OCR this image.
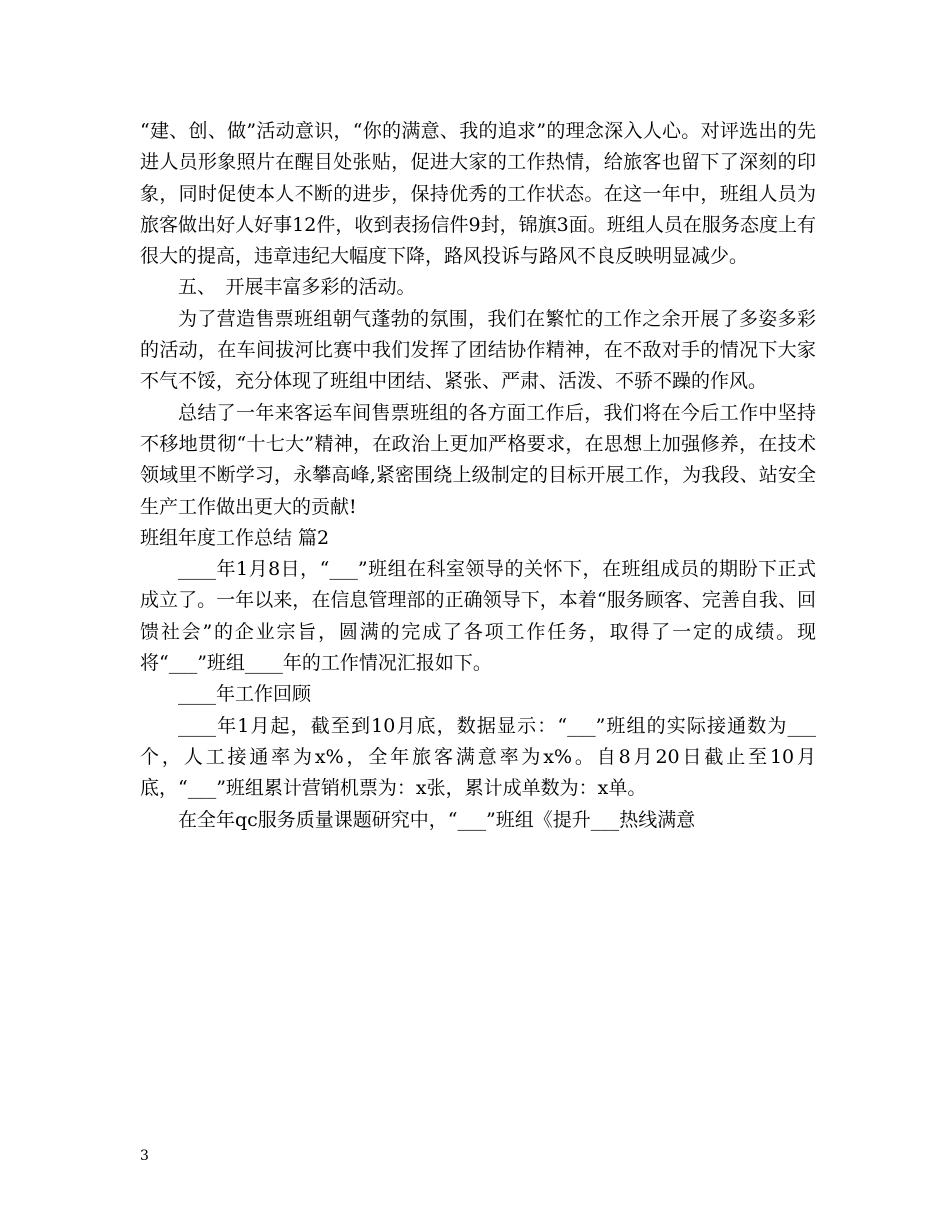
“建、创、做”活动意识，“你的满意、我的追求”的理念深入人心。对评选出的先进人员形象照片在醒目处张贴，促进大家的工作热情，给旅客也留下了深刻的印象，同时促使本人不断的进步，保持优秀的工作状态。在这一年中，班组人员为旅客做出好人好事12件，收到表扬信件9封，锦旗3面。班组人员在服务态度上有很大的提高，违章违纪大幅度下降，路风投诉与路风不良反映明显减少。

五、　开展丰富多彩的活动。

为了营造售票班组朝气蓬勃的氛围，我们在繁忙的工作之余开展了多姿多彩的活动，在车间拔河比赛中我们发挥了团结协作精神，在不敌对手的情况下大家不气不馁，充分体现了班组中团结、紧张、严肃、活泼、不骄不躁的作风。

总结了一年来客运车间售票班组的各方面工作后，我们将在今后工作中坚持不移地贯彻“十七大”精神，在政治上更加严格要求，在思想上加强修养，在技术领域里不断学习，永攀高峰,紧密围绕上级制定的目标开展工作，为我段、站安全生产工作做出更大的贡献!

班组年度工作总结 篇2

____年1月8日，“___”班组在科室领导的关怀下，在班组成员的期盼下正式成立了。一年以来，在信息管理部的正确领导下，本着“服务顾客、完善自我、回馈社会”的企业宗旨，圆满的完成了各项工作任务，取得了一定的成绩。现将“___”班组____年的工作情况汇报如下。

____年工作回顾

____年1月起，截至到10月底，数据显示：“___”班组的实际接通数为___个，人工接通率为x%，全年旅客满意率为x%。自8月20日截止至10月底，“___”班组累计营销机票为：x张，累计成单数为：x单。

在全年qc服务质量课题研究中，“___”班组《提升___热线满意

3
